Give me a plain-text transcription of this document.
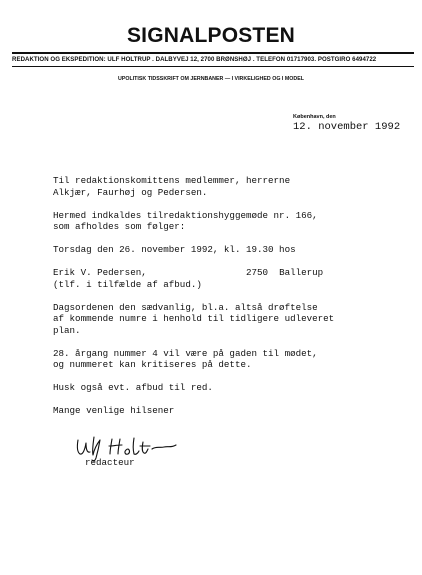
SIGNALPOSTEN
REDAKTION OG EKSPEDITION: ULF HOLTRUP . DALBYVEJ 12, 2700 BRØNSHØJ . TELEFON 01717903. POSTGIRO 6494722
UPOLITISK TIDSSKRIFT OM JERNBANER — I VIRKELIGHED OG I MODEL
København, den
12. november 1992

Til redaktionskomittens medlemmer, herrerne
Alkjær, Faurhøj og Pedersen.

Hermed indkaldes tilredaktionshyggemøde nr. 166,
som afholdes som følger:

Torsdag den 26. november 1992, kl. 19.30 hos

Erik V. Pedersen,	2750  Ballerup
(tlf. i tilfælde af afbud.)

Dagsordenen den sædvanlig, bl.a. altså drøftelse
af kommende numre i henhold til tidligere udleveret
plan.

28. årgang nummer 4 vil være på gaden til mødet,
og nummeret kan kritiseres på dette.

Husk også evt. afbud til red.

Mange venlige hilsener

redacteur
